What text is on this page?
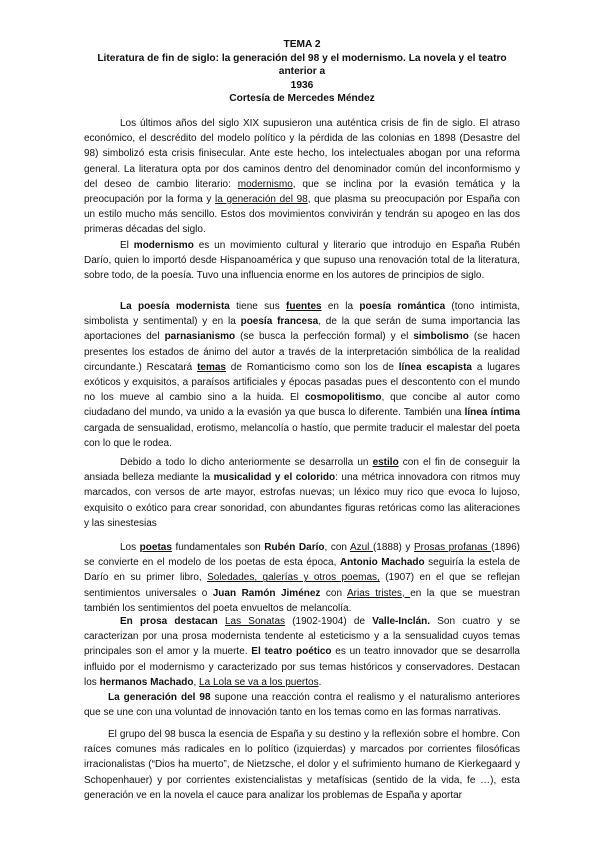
TEMA 2
Literatura de fin de siglo: la generación del 98 y el modernismo. La novela y el teatro anterior a
1936
Cortesía de Mercedes Méndez

Los últimos años del siglo XIX supusieron una auténtica crisis de fin de siglo. El atraso económico, el descrédito del modelo político y la pérdida de las colonias en 1898 (Desastre del 98) simbolizó esta crisis finisecular. Ante este hecho, los intelectuales abogan por una reforma general. La literatura opta por dos caminos dentro del denominador común del inconformismo y del deseo de cambio literario: modernismo, que se inclina por la evasión temática y la preocupación por la forma y la generación del 98, que plasma su preocupación por España con un estilo mucho más sencillo. Estos dos movimientos convivirán y tendrán su apogeo en las dos primeras décadas del siglo.

El modernismo es un movimiento cultural y literario que introdujo en España Rubén Darío, quien lo importó desde Hispanoamérica y que supuso una renovación total de la literatura, sobre todo, de la poesía. Tuvo una influencia enorme en los autores de principios de siglo.

La poesía modernista tiene sus fuentes en la poesía romántica (tono intimista, simbolista y sentimental) y en la poesía francesa, de la que serán de suma importancia las aportaciones del parnasianismo (se busca la perfección formal) y el simbolismo (se hacen presentes los estados de ánimo del autor a través de la interpretación simbólica de la realidad circundante.) Rescatará temas de Romanticismo como son los de línea escapista a lugares exóticos y exquisitos, a paraísos artificiales y épocas pasadas pues el descontento con el mundo no los mueve al cambio sino a la huida. El cosmopolitismo, que concibe al autor como ciudadano del mundo, va unido a la evasión ya que busca lo diferente. También una línea íntima cargada de sensualidad, erotismo, melancolía o hastío, que permite traducir el malestar del poeta con lo que le rodea.

Debido a todo lo dicho anteriormente se desarrolla un estilo con el fin de conseguir la ansiada belleza mediante la musicalidad y el colorido: una métrica innovadora con ritmos muy marcados, con versos de arte mayor, estrofas nuevas; un léxico muy rico que evoca lo lujoso, exquisito o exótico para crear sonoridad, con abundantes figuras retóricas como las aliteraciones y las sinestesias

Los poetas fundamentales son Rubén Darío, con Azul (1888) y Prosas profanas (1896) se convierte en el modelo de los poetas de esta época, Antonio Machado seguiría la estela de Darío en su primer libro, Soledades, galerías y otros poemas, (1907) en el que se reflejan sentimientos universales o Juan Ramón Jiménez con Arias tristes, en la que se muestran también los sentimientos del poeta envueltos de melancolía.

En prosa destacan Las Sonatas (1902-1904) de Valle-Inclán. Son cuatro y se caracterizan por una prosa modernista tendente al esteticismo y a la sensualidad cuyos temas principales son el amor y la muerte. El teatro poético es un teatro innovador que se desarrolla influido por el modernismo y caracterizado por sus temas históricos y conservadores. Destacan los hermanos Machado, La Lola se va a los puertos.

La generación del 98 supone una reacción contra el realismo y el naturalismo anteriores que se une con una voluntad de innovación tanto en los temas como en las formas narrativas.

El grupo del 98 busca la esencia de España y su destino y la reflexión sobre el hombre. Con raíces comunes más radicales en lo político (izquierdas) y marcados por corrientes filosóficas irracionalistas (“Dios ha muerto”, de Nietzsche, el dolor y el sufrimiento humano de Kierkegaard y Schopenhauer) y por corrientes existencialistas y metafísicas (sentido de la vida, fe …), esta generación ve en la novela el cauce para analizar los problemas de España y aportar
